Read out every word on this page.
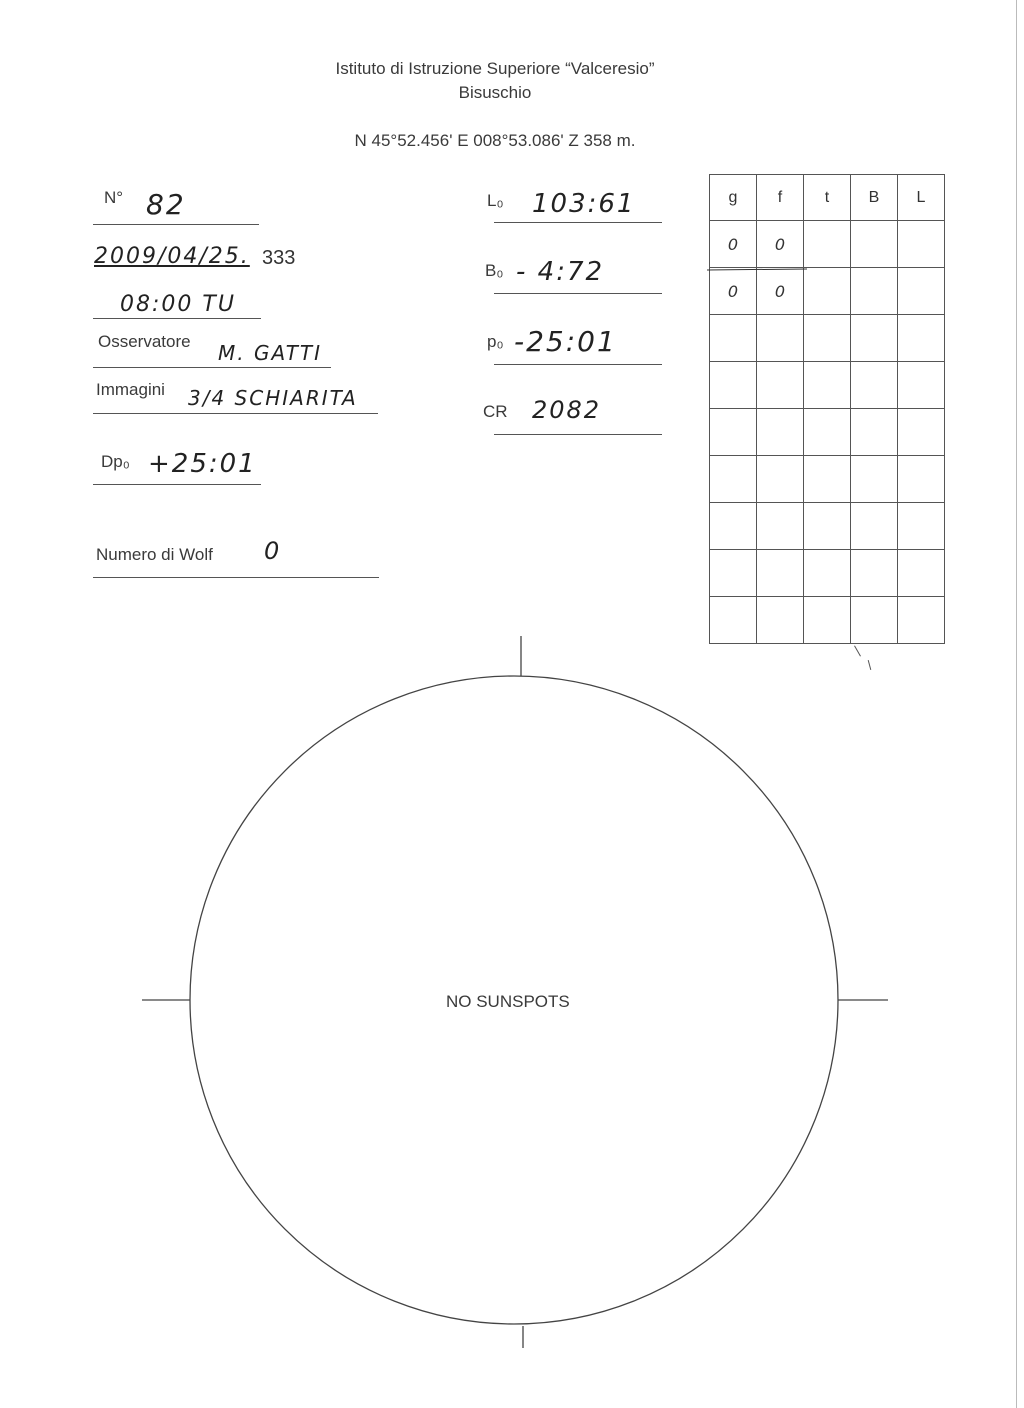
Istituto di Istruzione Superiore “Valceresio”
Bisuschio
N 45°52.456' E 008°53.086' Z 358 m.
N° 82
2009/04/25. 333
08:00 TU
Osservatore M. GATTI
Immagini 3/4 SCHIARITA
Dp₀ +25:01
Numero di Wolf 0
L₀ 103:61
B₀ - 4:72
p₀ -25:01
CR 2082
g	f	t	B	L
0	0			
0	0			

NO SUNSPOTS
